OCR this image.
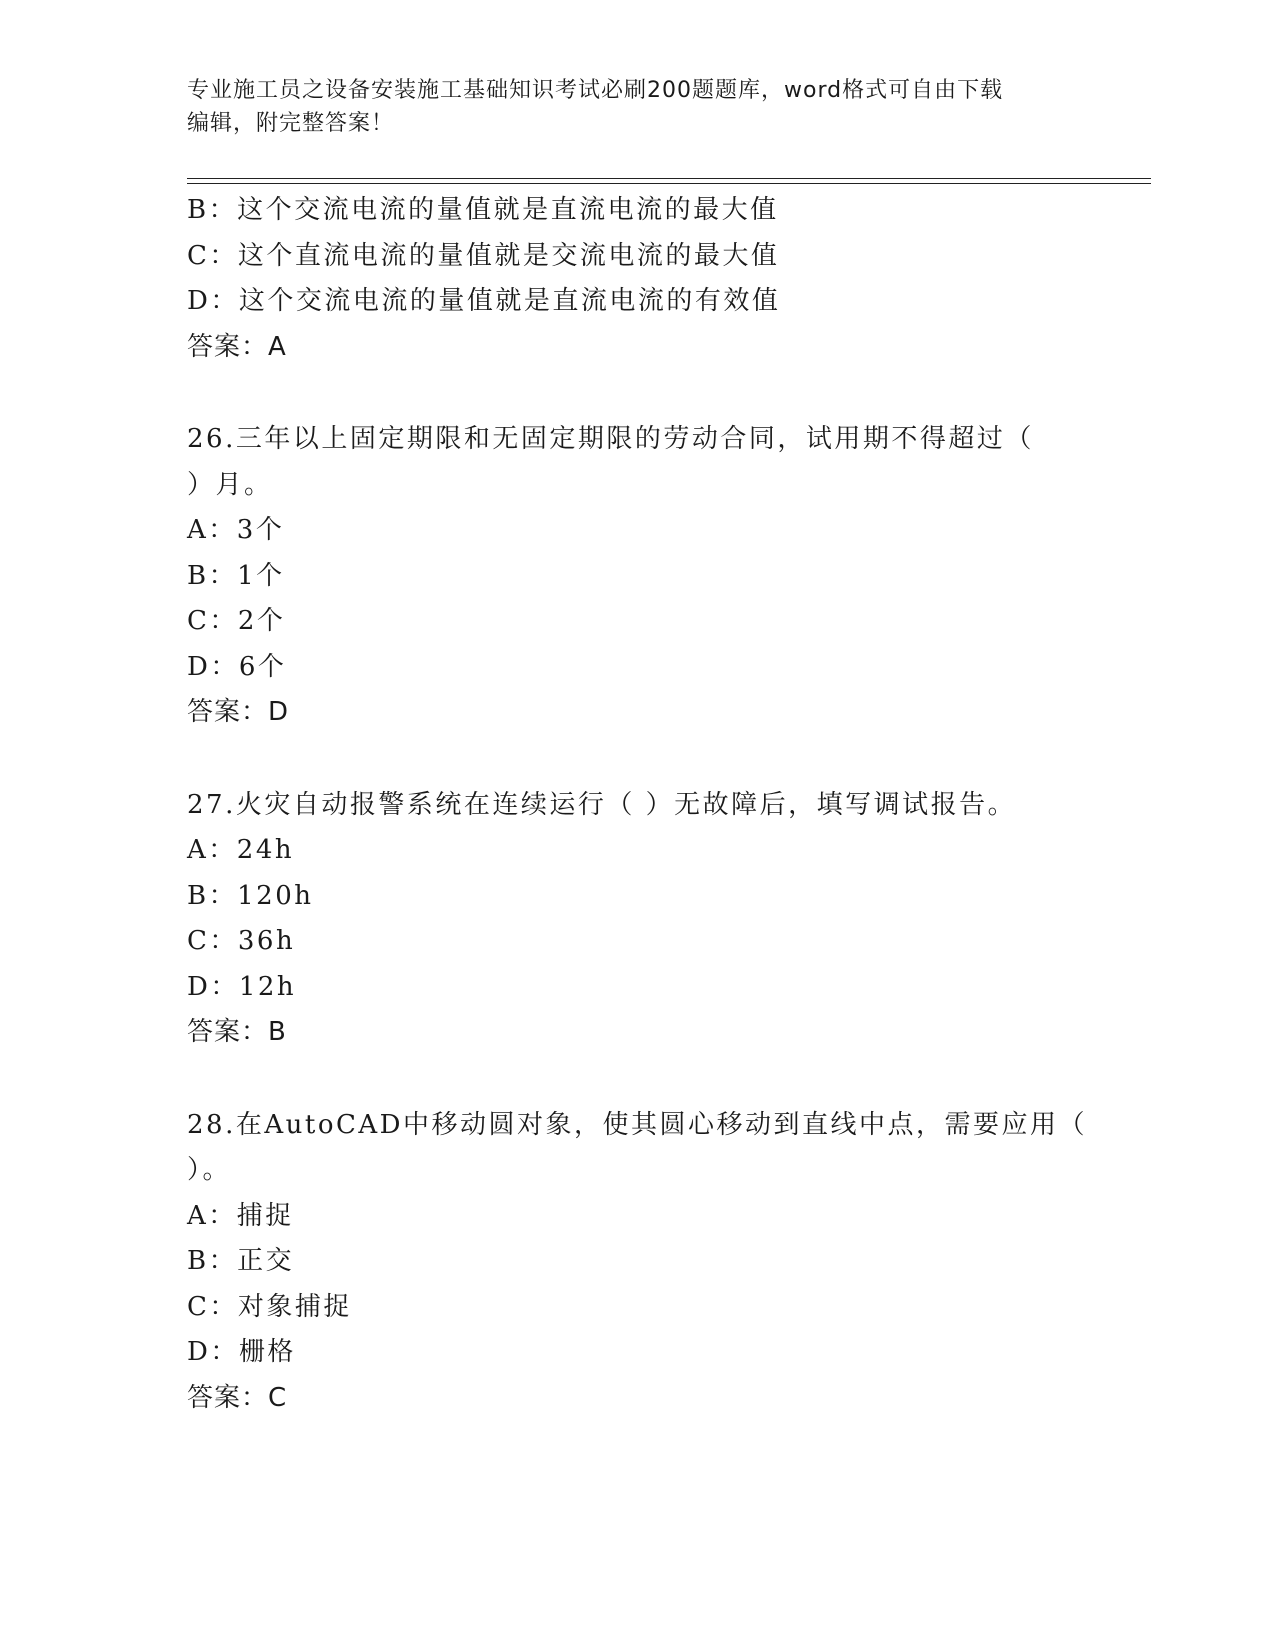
专业施工员之设备安装施工基础知识考试必刷200题题库，word格式可自由下载
编辑，附完整答案！
B：这个交流电流的量值就是直流电流的最大值
C：这个直流电流的量值就是交流电流的最大值
D：这个交流电流的量值就是直流电流的有效值
答案：A
26.三年以上固定期限和无固定期限的劳动合同，试用期不得超过（
）月。
A：3个
B：1个
C：2个
D：6个
答案：D
27.火灾自动报警系统在连续运行（ ）无故障后，填写调试报告。
A：24h
B：120h
C：36h
D：12h
答案：B
28.在AutoCAD中移动圆对象，使其圆心移动到直线中点，需要应用（
）。
A：捕捉
B：正交
C：对象捕捉
D：栅格
答案：C
